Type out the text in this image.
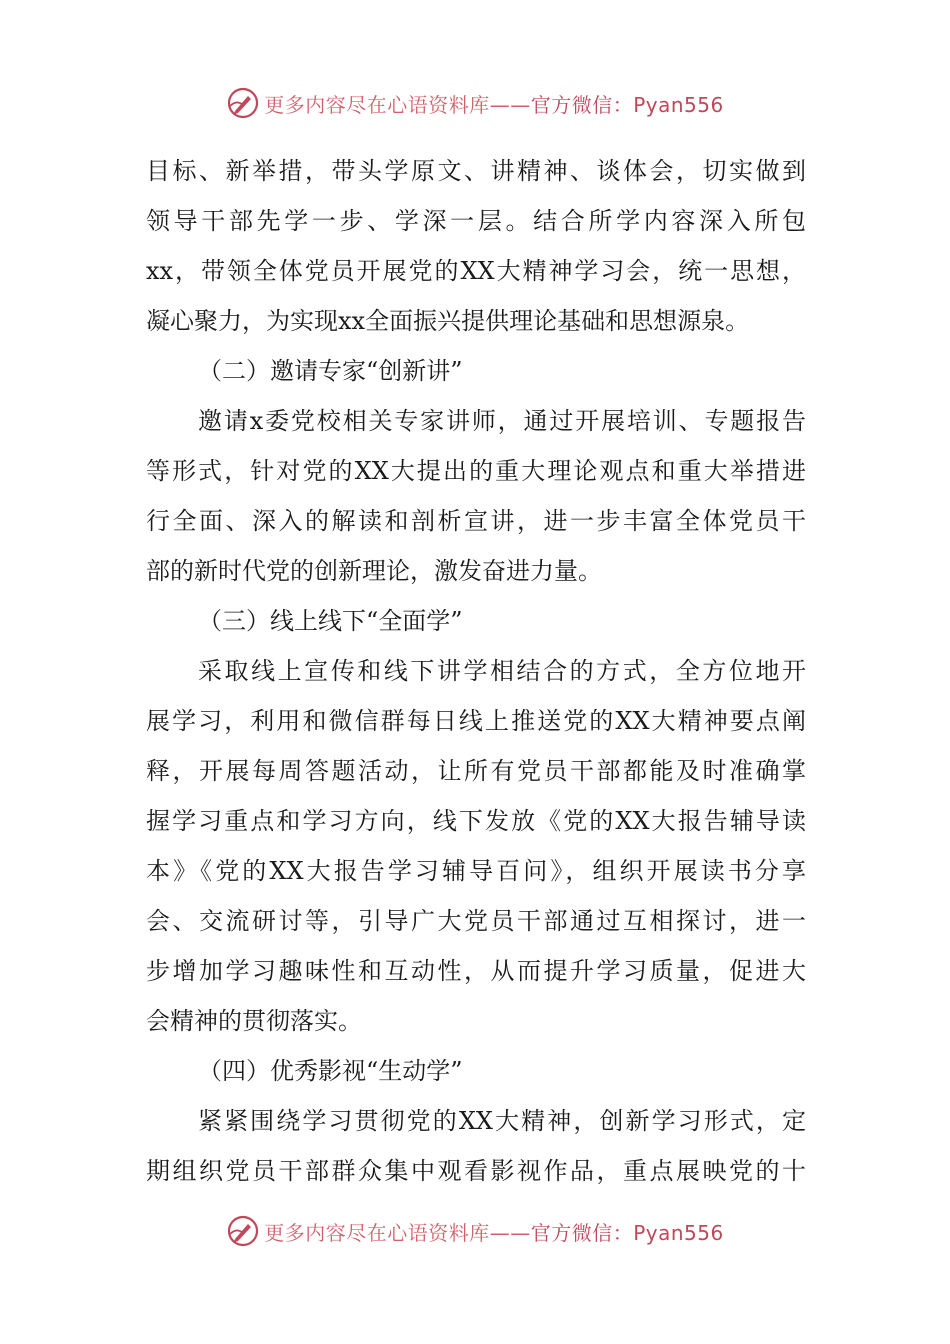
更多内容尽在心语资料库——官方微信：Pyan556
目标、新举措，带头学原文、讲精神、谈体会，切实做到
领导干部先学一步、学深一层。结合所学内容深入所包
xx，带领全体党员开展党的XX大精神学习会，统一思想，
凝心聚力，为实现xx全面振兴提供理论基础和思想源泉。
（二）邀请专家“创新讲”
邀请x委党校相关专家讲师，通过开展培训、专题报告
等形式，针对党的XX大提出的重大理论观点和重大举措进
行全面、深入的解读和剖析宣讲，进一步丰富全体党员干
部的新时代党的创新理论，激发奋进力量。
（三）线上线下“全面学”
采取线上宣传和线下讲学相结合的方式，全方位地开
展学习，利用和微信群每日线上推送党的XX大精神要点阐
释，开展每周答题活动，让所有党员干部都能及时准确掌
握学习重点和学习方向，线下发放《党的XX大报告辅导读
本》《党的XX大报告学习辅导百问》，组织开展读书分享
会、交流研讨等，引导广大党员干部通过互相探讨，进一
步增加学习趣味性和互动性，从而提升学习质量，促进大
会精神的贯彻落实。
（四）优秀影视“生动学”
紧紧围绕学习贯彻党的XX大精神，创新学习形式，定
期组织党员干部群众集中观看影视作品，重点展映党的十
更多内容尽在心语资料库——官方微信：Pyan556
